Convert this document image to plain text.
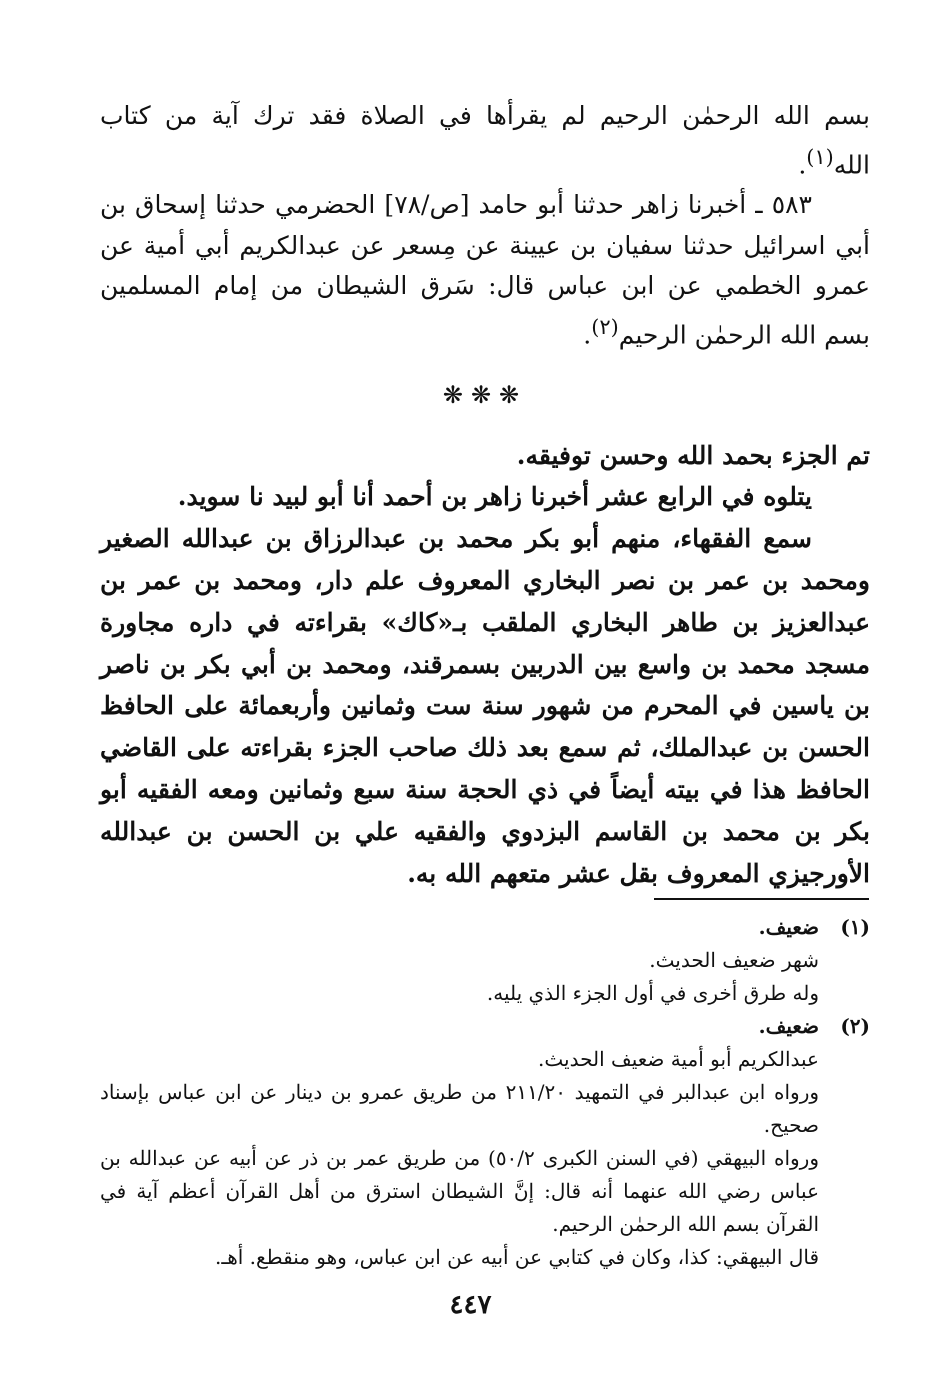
بسم الله الرحمٰن الرحيم لم يقرأها في الصلاة فقد ترك آية من كتاب الله$^{(١)}$.

٥٨٣ ـ أخبرنا زاهر حدثنا أبو حامد [ص/٧٨] الحضرمي حدثنا إسحاق بن أبي اسرائيل حدثنا سفيان بن عيينة عن مِسعر عن عبدالكريم أبي أمية عن عمرو الخطمي عن ابن عباس قال: سَرق الشيطان من إمام المسلمين بسم الله الرحمٰن الرحيم$^{(٢)}$.

❋❋❋

تم الجزء بحمد الله وحسن توفيقه.

يتلوه في الرابع عشر أخبرنا زاهر بن أحمد أنا أبو لبيد نا سويد.

سمع الفقهاء، منهم أبو بكر محمد بن عبدالرزاق بن عبدالله الصغير ومحمد بن عمر بن نصر البخاري المعروف علم دار، ومحمد بن عمر بن عبدالعزيز بن طاهر البخاري الملقب بـ«كاك» بقراءته في داره مجاورة مسجد محمد بن واسع بين الدربين بسمرقند، ومحمد بن أبي بكر بن ناصر بن ياسين في المحرم من شهور سنة ست وثمانين وأربعمائة على الحافظ الحسن بن عبدالملك، ثم سمع بعد ذلك صاحب الجزء بقراءته على القاضي الحافظ هذا في بيته أيضاً في ذي الحجة سنة سبع وثمانين ومعه الفقيه أبو بكر بن محمد بن القاسم البزدوي والفقيه علي بن الحسن بن عبدالله الأورجيزي المعروف بقل عشر متعهم الله به.

(١)ضعيف.

شهر ضعيف الحديث.

وله طرق أخرى في أول الجزء الذي يليه.

(٢)ضعيف.

عبدالكريم أبو أمية ضعيف الحديث.

ورواه ابن عبدالبر في التمهيد ٢١١/٢٠ من طريق عمرو بن دينار عن ابن عباس بإسناد صحيح.

ورواه البيهقي (في السنن الكبرى ٥٠/٢) من طريق عمر بن ذر عن أبيه عن عبدالله بن عباس رضي الله عنهما أنه قال: إنَّ الشيطان استرق من أهل القرآن أعظم آية في القرآن بسم الله الرحمٰن الرحيم.

قال البيهقي: كذا، وكان في كتابي عن أبيه عن ابن عباس، وهو منقطع. أهـ.

٤٤٧
